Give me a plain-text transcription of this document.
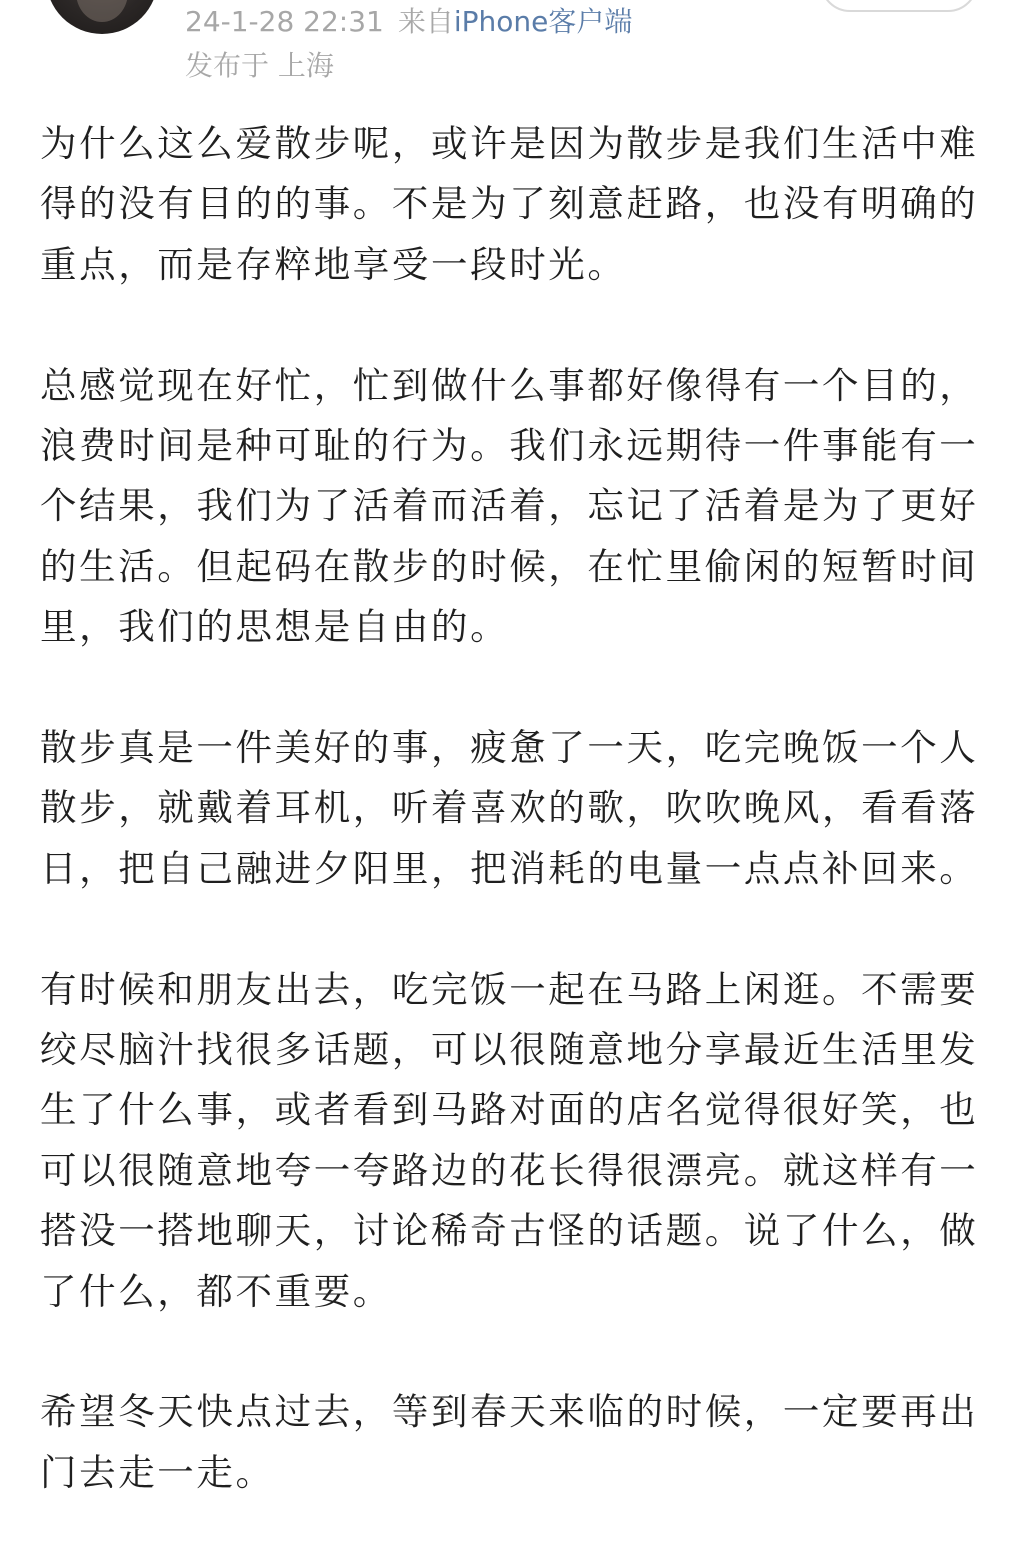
24-1-28 22:31 来自iPhone客户端
发布于 上海

为什么这么爱散步呢，或许是因为散步是我们生活中难得的没有目的的事。不是为了刻意赶路，也没有明确的重点，而是存粹地享受一段时光。

总感觉现在好忙，忙到做什么事都好像得有一个目的，浪费时间是种可耻的行为。我们永远期待一件事能有一个结果，我们为了活着而活着，忘记了活着是为了更好的生活。但起码在散步的时候，在忙里偷闲的短暂时间里，我们的思想是自由的。

散步真是一件美好的事，疲惫了一天，吃完晚饭一个人散步，就戴着耳机，听着喜欢的歌，吹吹晚风，看看落日，把自己融进夕阳里，把消耗的电量一点点补回来。

有时候和朋友出去，吃完饭一起在马路上闲逛。不需要绞尽脑汁找很多话题，可以很随意地分享最近生活里发生了什么事，或者看到马路对面的店名觉得很好笑，也可以很随意地夸一夸路边的花长得很漂亮。就这样有一搭没一搭地聊天，讨论稀奇古怪的话题。说了什么，做了什么，都不重要。

希望冬天快点过去，等到春天来临的时候，一定要再出门去走一走。
